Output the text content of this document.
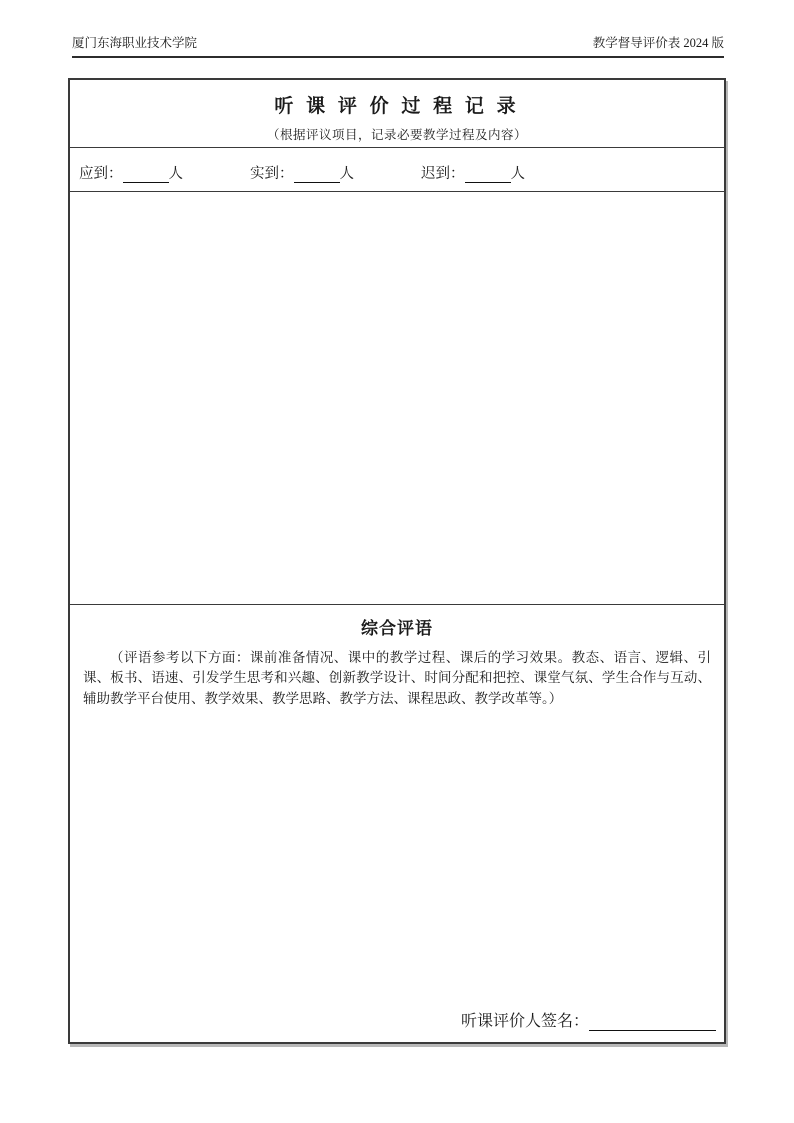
厦门东海职业技术学院	教学督导评价表 2024 版
听 课 评 价 过 程 记 录
（根据评议项目，记录必要教学过程及内容）
应到：	人	实到：	人	迟到：	人
综合评语
（评语参考以下方面：课前准备情况、课中的教学过程、课后的学习效果。教态、语言、逻辑、引课、板书、语速、引发学生思考和兴趣、创新教学设计、时间分配和把控、课堂气氛、学生合作与互动、辅助教学平台使用、教学效果、教学思路、教学方法、课程思政、教学改革等。）
听课评价人签名：
